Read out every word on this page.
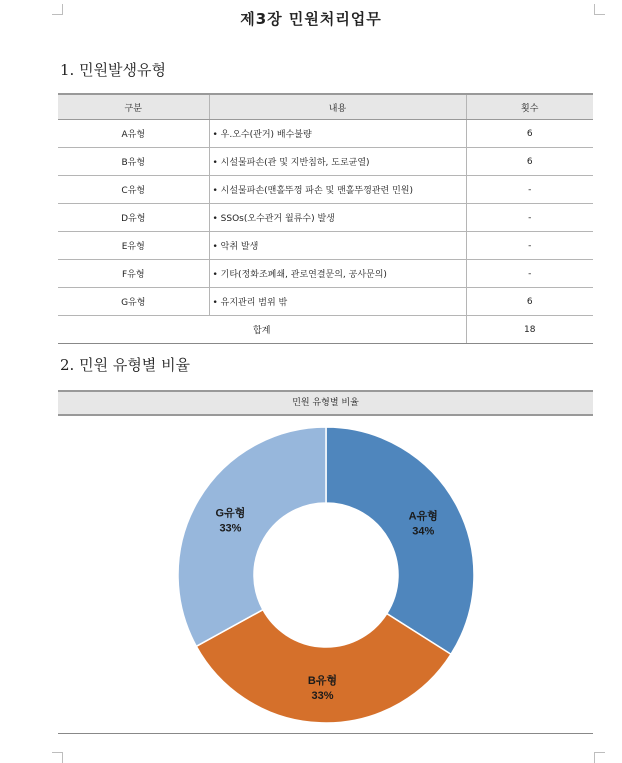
제3장 민원처리업무
1. 민원발생유형
구분	내용	횟수
A유형	• 우.오수(관거) 배수불량	6
B유형	• 시설물파손(관 및 지반침하, 도로균열)	6
C유형	• 시설물파손(맨홀뚜껑 파손 및 맨홀뚜껑관련 민원)	-
D유형	• SSOs(오수관거 월류수) 발생	-
E유형	• 악취 발생	-
F유형	• 기타(정화조폐쇄, 관로연결문의, 공사문의)	-
G유형	• 유지관리 범위 밖	6
합계		18
2. 민원 유형별 비율
민원 유형별 비율
A유형
34%
B유형
33%
G유형
33%
